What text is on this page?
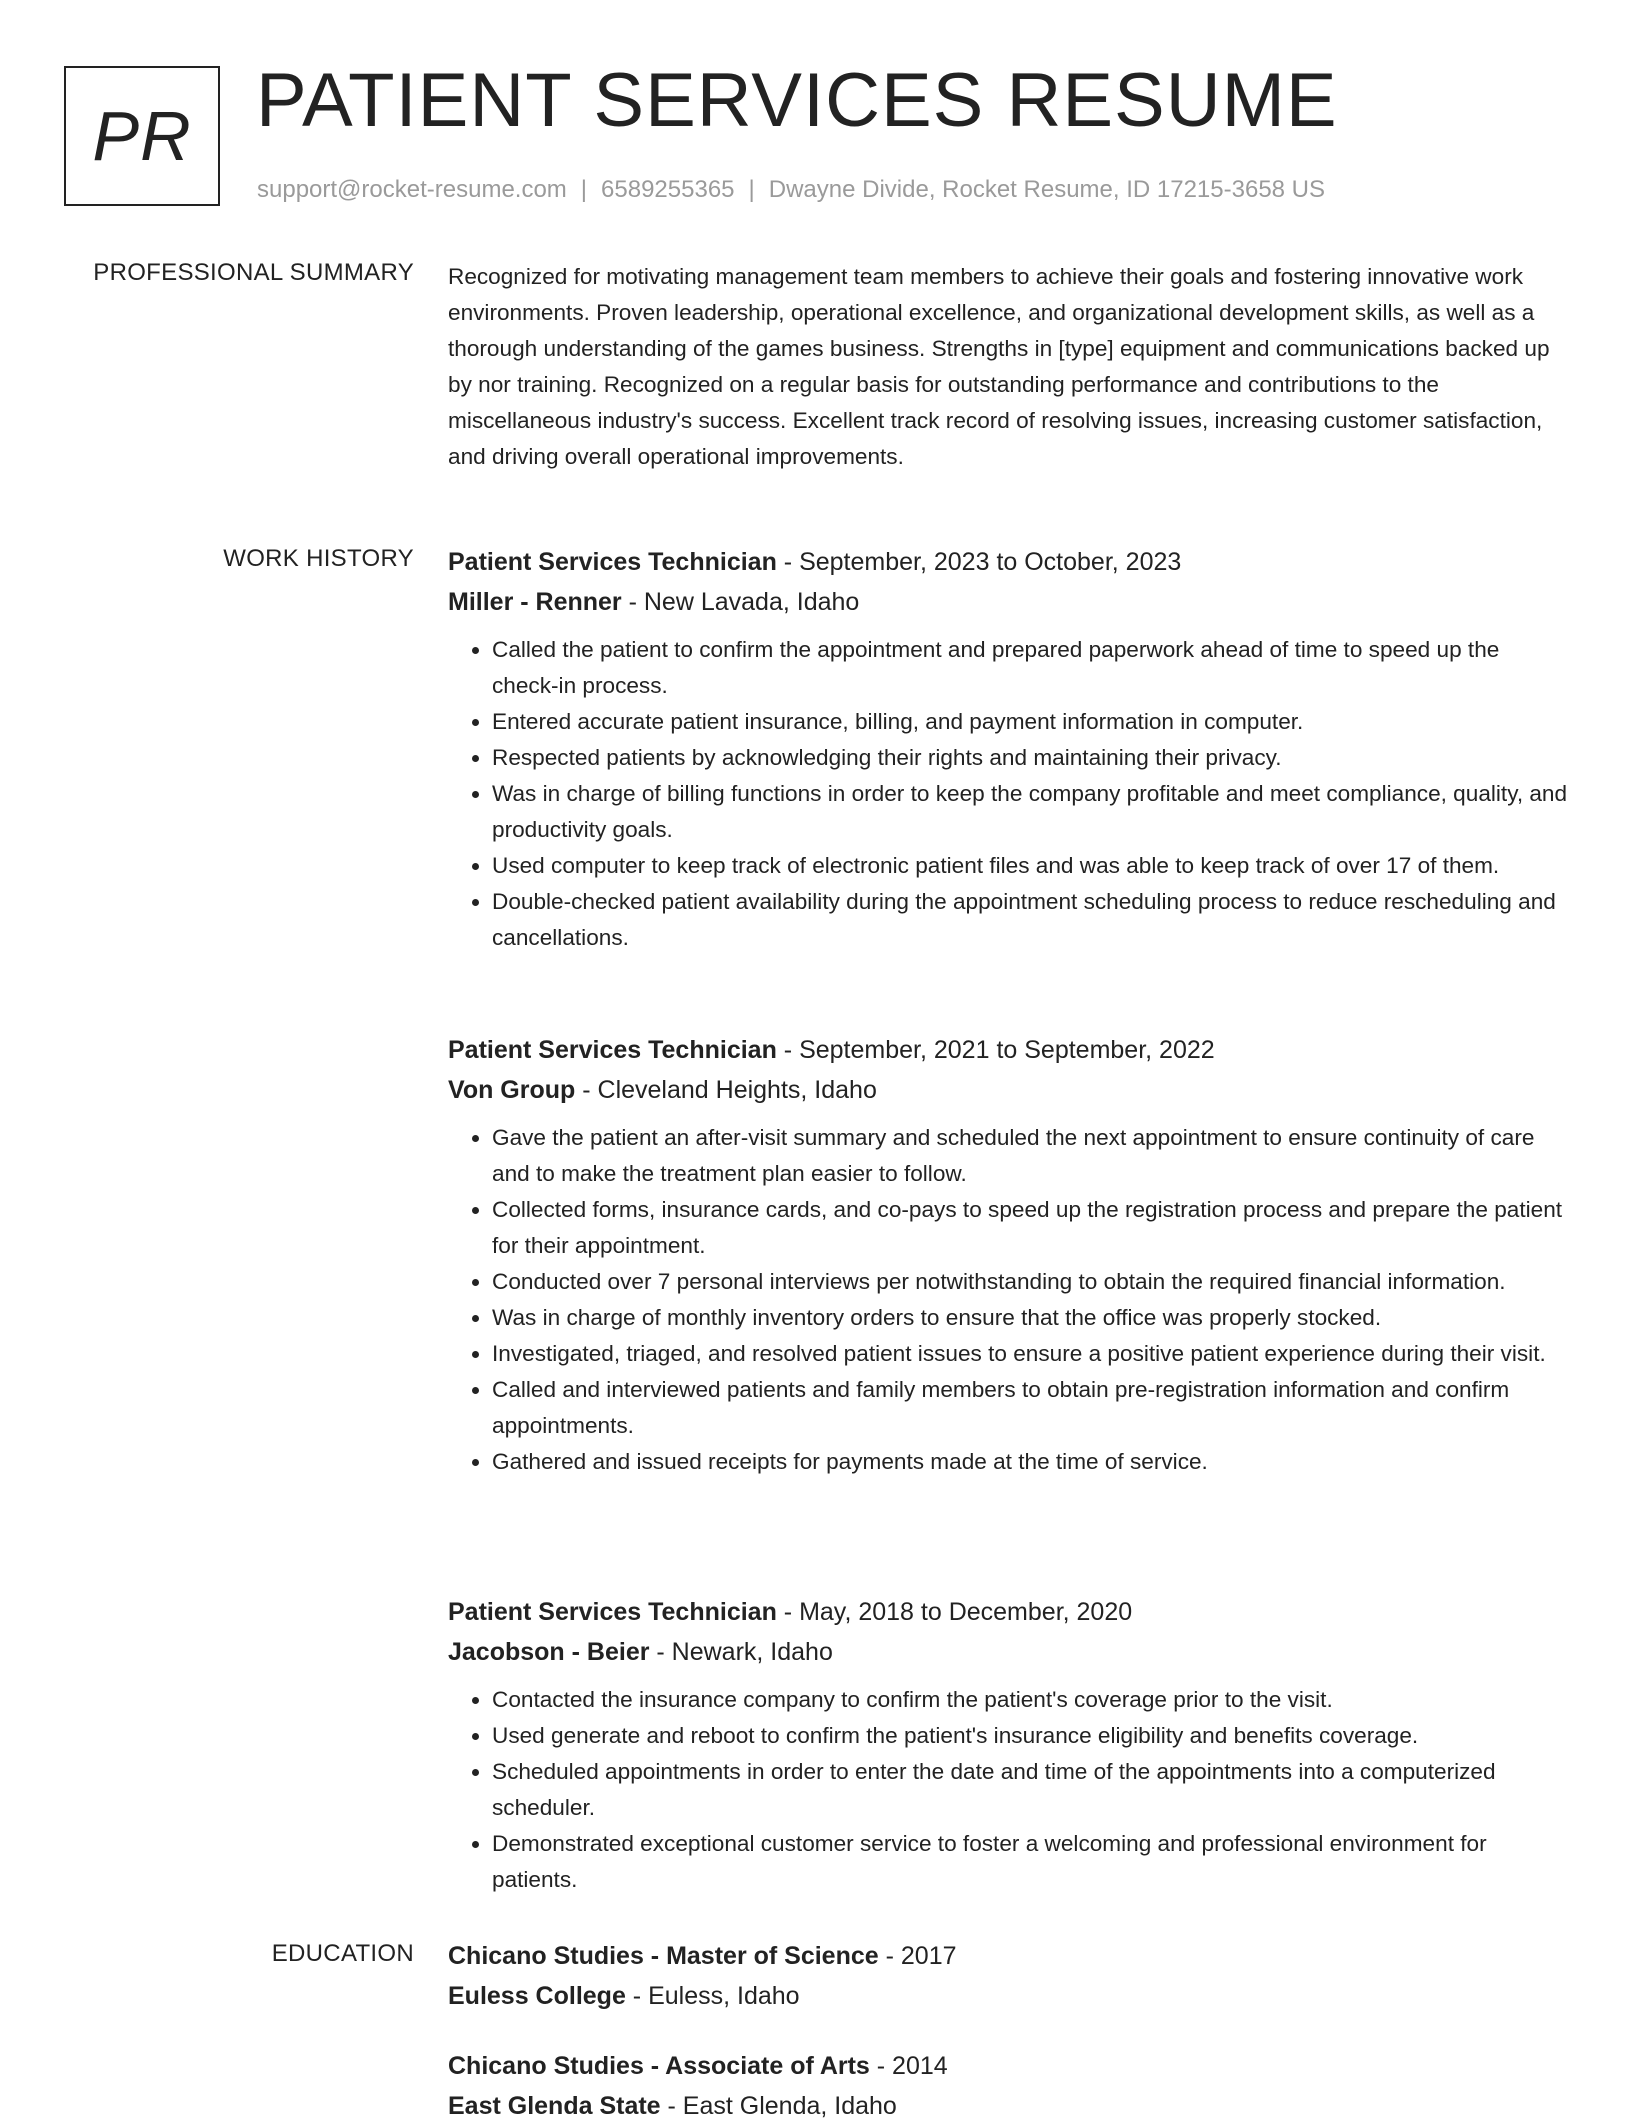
PR PATIENT SERVICES RESUME
support@rocket-resume.com | 6589255365 | Dwayne Divide, Rocket Resume, ID 17215-3658 US
PROFESSIONAL SUMMARY Recognized for motivating management team members to achieve their goals and fostering innovative work environments. Proven leadership, operational excellence, and organizational development skills, as well as a thorough understanding of the games business. Strengths in [type] equipment and communications backed up by nor training. Recognized on a regular basis for outstanding performance and contributions to the miscellaneous industry's success. Excellent track record of resolving issues, increasing customer satisfaction, and driving overall operational improvements.

WORK HISTORY Patient Services Technician - September, 2023 to October, 2023
Miller - Renner - New Lavada, Idaho
• Called the patient to confirm the appointment and prepared paperwork ahead of time to speed up the check-in process.
• Entered accurate patient insurance, billing, and payment information in computer.
• Respected patients by acknowledging their rights and maintaining their privacy.
• Was in charge of billing functions in order to keep the company profitable and meet compliance, quality, and productivity goals.
• Used computer to keep track of electronic patient files and was able to keep track of over 17 of them.
• Double-checked patient availability during the appointment scheduling process to reduce rescheduling and cancellations.
Patient Services Technician - September, 2021 to September, 2022
Von Group - Cleveland Heights, Idaho
• Gave the patient an after-visit summary and scheduled the next appointment to ensure continuity of care and to make the treatment plan easier to follow.
• Collected forms, insurance cards, and co-pays to speed up the registration process and prepare the patient for their appointment.
• Conducted over 7 personal interviews per notwithstanding to obtain the required financial information.
• Was in charge of monthly inventory orders to ensure that the office was properly stocked.
• Investigated, triaged, and resolved patient issues to ensure a positive patient experience during their visit.
• Called and interviewed patients and family members to obtain pre-registration information and confirm appointments.
• Gathered and issued receipts for payments made at the time of service.
Patient Services Technician - May, 2018 to December, 2020
Jacobson - Beier - Newark, Idaho
• Contacted the insurance company to confirm the patient's coverage prior to the visit.
• Used generate and reboot to confirm the patient's insurance eligibility and benefits coverage.
• Scheduled appointments in order to enter the date and time of the appointments into a computerized scheduler.
• Demonstrated exceptional customer service to foster a welcoming and professional environment for patients.
EDUCATION Chicano Studies - Master of Science - 2017
Euless College - Euless, Idaho
Chicano Studies - Associate of Arts - 2014
East Glenda State - East Glenda, Idaho
